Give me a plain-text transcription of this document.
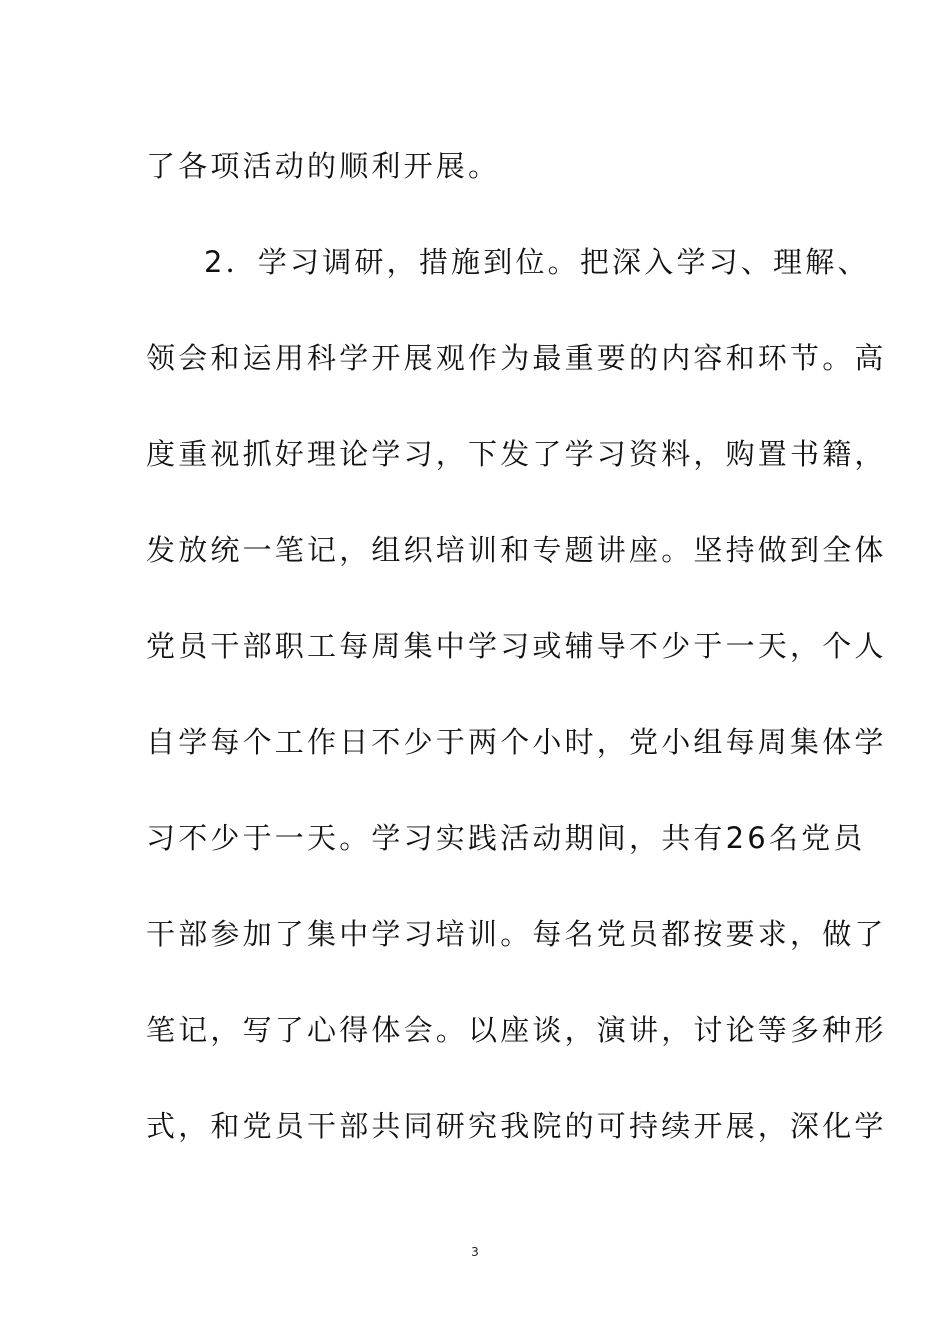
了各项活动的顺利开展。
2．学习调研，措施到位。把深入学习、理解、
领会和运用科学开展观作为最重要的内容和环节。高
度重视抓好理论学习，下发了学习资料，购置书籍，
发放统一笔记，组织培训和专题讲座。坚持做到全体
党员干部职工每周集中学习或辅导不少于一天，个人
自学每个工作日不少于两个小时，党小组每周集体学
习不少于一天。学习实践活动期间，共有26名党员
干部参加了集中学习培训。每名党员都按要求，做了
笔记，写了心得体会。以座谈，演讲，讨论等多种形
式，和党员干部共同研究我院的可持续开展，深化学
3
